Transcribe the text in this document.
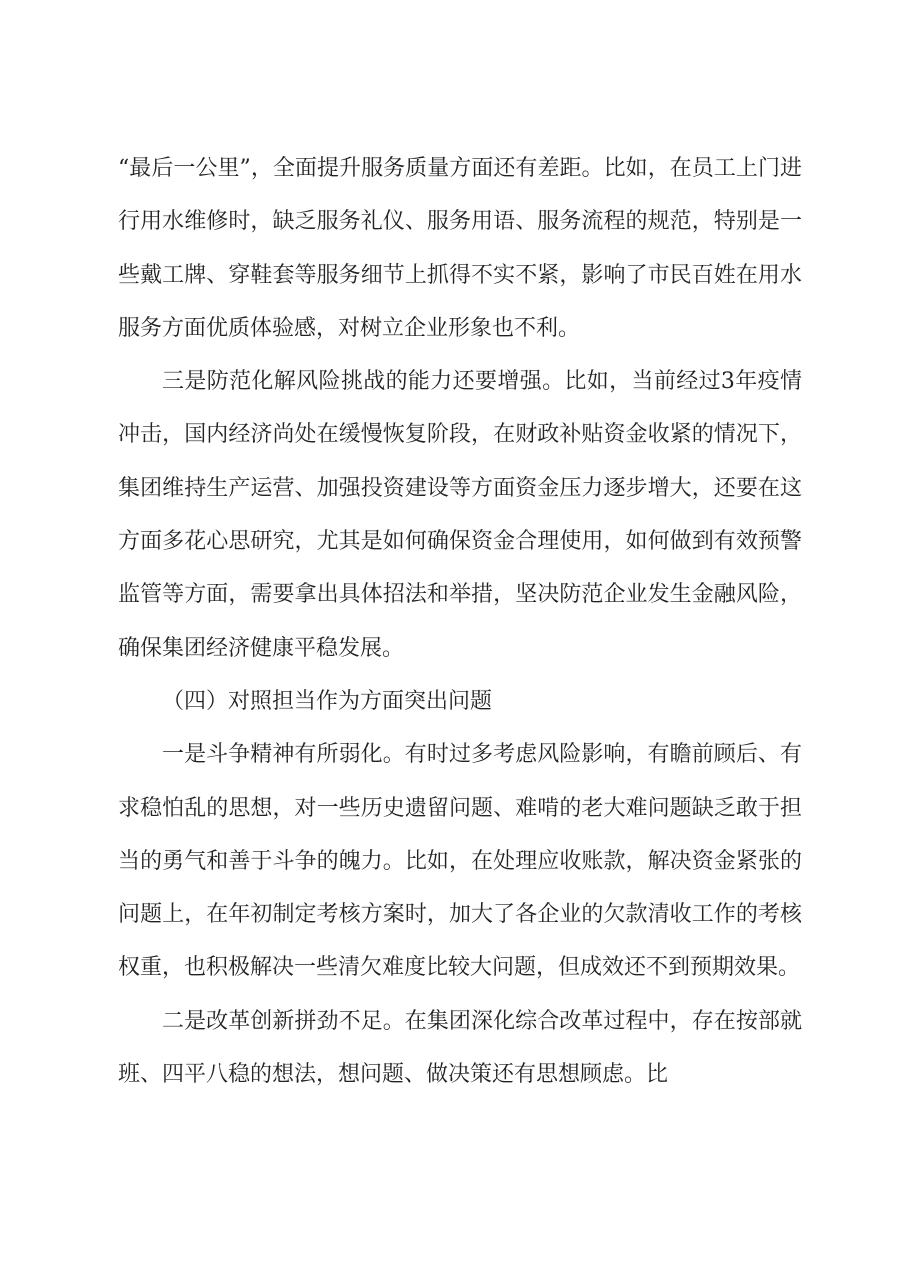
“最后一公里”，全面提升服务质量方面还有差距。比如，在员工上门进行用水维修时，缺乏服务礼仪、服务用语、服务流程的规范，特别是一些戴工牌、穿鞋套等服务细节上抓得不实不紧，影响了市民百姓在用水服务方面优质体验感，对树立企业形象也不利。

三是防范化解风险挑战的能力还要增强。比如，当前经过3年疫情冲击，国内经济尚处在缓慢恢复阶段，在财政补贴资金收紧的情况下，集团维持生产运营、加强投资建设等方面资金压力逐步增大，还要在这方面多花心思研究，尤其是如何确保资金合理使用，如何做到有效预警监管等方面，需要拿出具体招法和举措，坚决防范企业发生金融风险，确保集团经济健康平稳发展。

（四）对照担当作为方面突出问题

一是斗争精神有所弱化。有时过多考虑风险影响，有瞻前顾后、有求稳怕乱的思想，对一些历史遗留问题、难啃的老大难问题缺乏敢于担当的勇气和善于斗争的魄力。比如，在处理应收账款，解决资金紧张的问题上，在年初制定考核方案时，加大了各企业的欠款清收工作的考核权重，也积极解决一些清欠难度比较大问题，但成效还不到预期效果。

二是改革创新拼劲不足。在集团深化综合改革过程中，存在按部就班、四平八稳的想法，想问题、做决策还有思想顾虑。比
